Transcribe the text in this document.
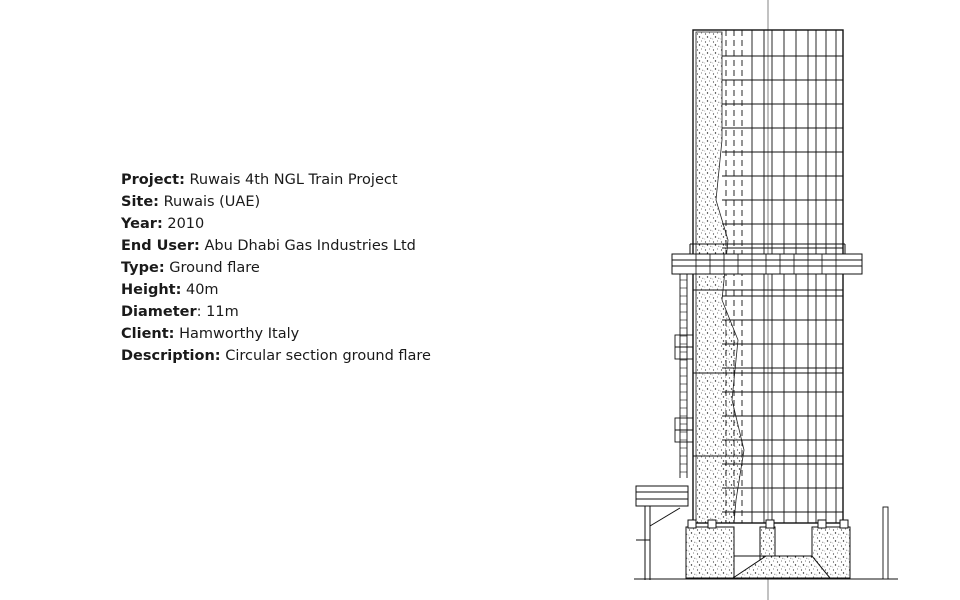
Project: Ruwais 4th NGL Train Project
Site: Ruwais (UAE)
Year: 2010
End User: Abu Dhabi Gas Industries Ltd
Type: Ground flare
Height: 40m
Diameter: 11m
Client: Hamworthy Italy
Description: Circular section ground flare
